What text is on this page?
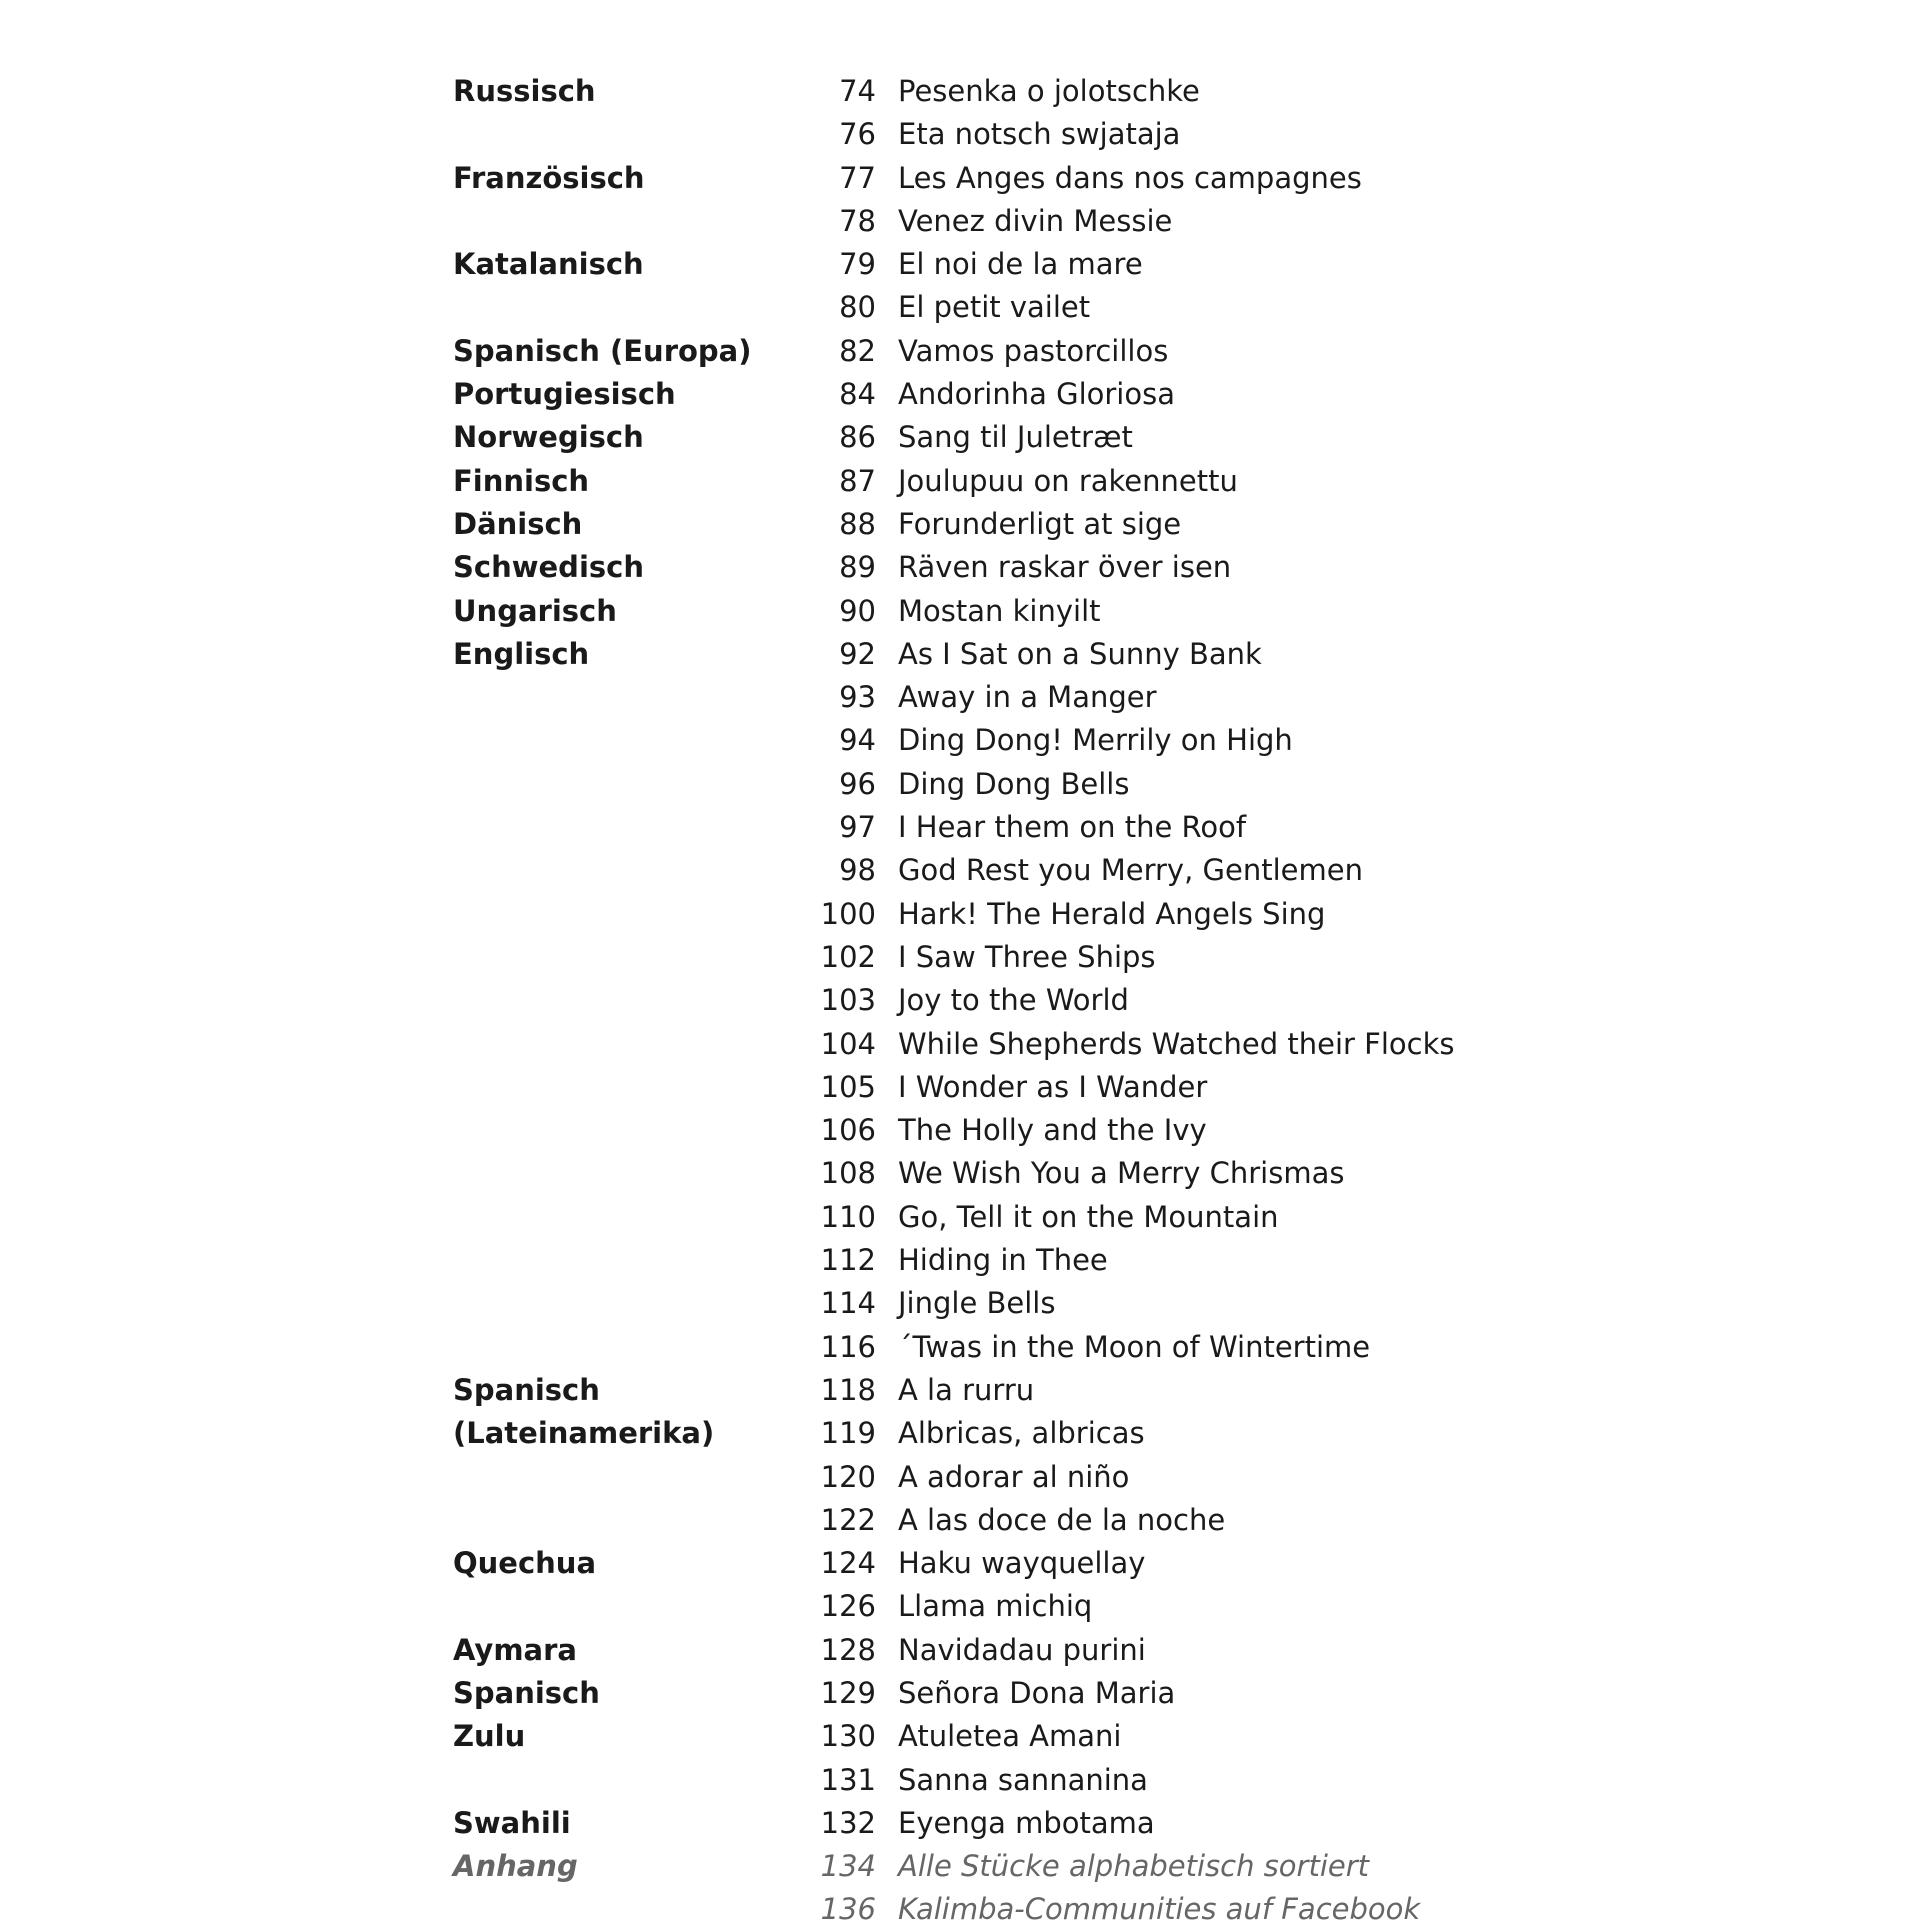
Russisch	74 Pesenka o jolotschke
76 Eta notsch swjataja
Französisch	77 Les Anges dans nos campagnes
78 Venez divin Messie
Katalanisch	79 El noi de la mare
80 El petit vailet
Spanisch (Europa)	82 Vamos pastorcillos
Portugiesisch	84 Andorinha Gloriosa
Norwegisch	86 Sang til Juletræt
Finnisch	87 Joulupuu on rakennettu
Dänisch	88 Forunderligt at sige
Schwedisch	89 Räven raskar över isen
Ungarisch	90 Mostan kinyilt
Englisch	92 As I Sat on a Sunny Bank
93 Away in a Manger
94 Ding Dong! Merrily on High
96 Ding Dong Bells
97 I Hear them on the Roof
98 God Rest you Merry, Gentlemen
100 Hark! The Herald Angels Sing
102 I Saw Three Ships
103 Joy to the World
104 While Shepherds Watched their Flocks
105 I Wonder as I Wander
106 The Holly and the Ivy
108 We Wish You a Merry Chrismas
110 Go, Tell it on the Mountain
112 Hiding in Thee
114 Jingle Bells
116 ´Twas in the Moon of Wintertime
Spanisch	118 A la rurru
(Lateinamerika)	119 Albricas, albricas
120 A adorar al niño
122 A las doce de la noche
Quechua	124 Haku wayquellay
126 Llama michiq
Aymara	128 Navidadau purini
Spanisch	129 Señora Dona Maria
Zulu	130 Atuletea Amani
131 Sanna sannanina
Swahili	132 Eyenga mbotama
Anhang	134 Alle Stücke alphabetisch sortiert
136 Kalimba-Communities auf Facebook
